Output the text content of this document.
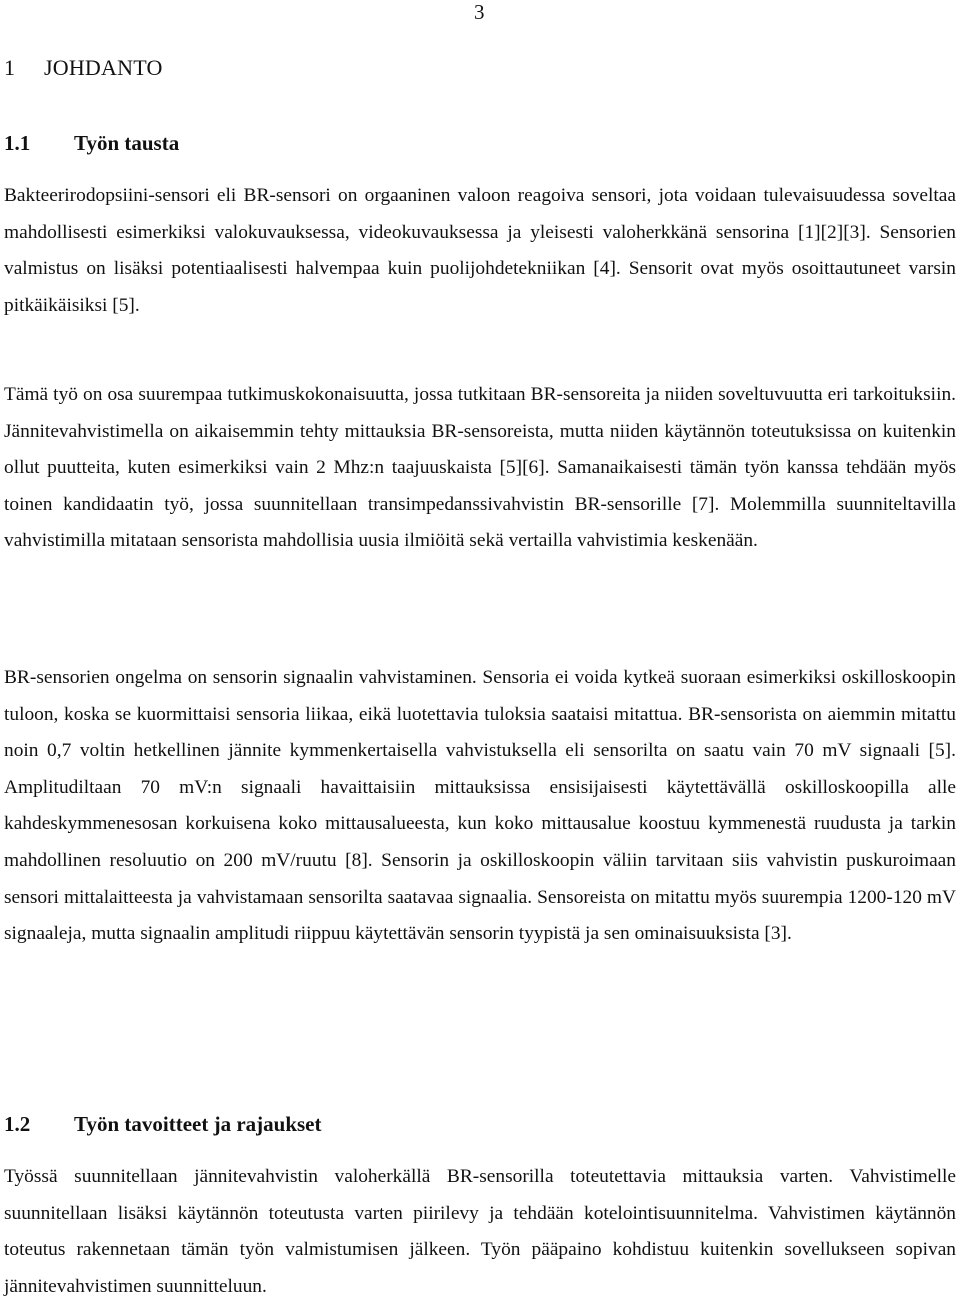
3
1 JOHDANTO
1.1 Työn tausta

Bakteerirodopsiini-sensori eli BR-sensori on orgaaninen valoon reagoiva sensori, jota voidaan tulevaisuudessa soveltaa mahdollisesti esimerkiksi valokuvauksessa, videokuvauksessa ja yleisesti valoherkkänä sensorina [1][2][3]. Sensorien valmistus on lisäksi potentiaalisesti halvempaa kuin puolijohdetekniikan [4]. Sensorit ovat myös osoittautuneet varsin pitkäikäisiksi [5].

Tämä työ on osa suurempaa tutkimuskokonaisuutta, jossa tutkitaan BR-sensoreita ja niiden soveltuvuutta eri tarkoituksiin. Jännitevahvistimella on aikaisemmin tehty mittauksia BR-sensoreista, mutta niiden käytännön toteutuksissa on kuitenkin ollut puutteita, kuten esimerkiksi vain 2 Mhz:n taajuuskaista [5][6]. Samanaikaisesti tämän työn kanssa tehdään myös toinen kandidaatin työ, jossa suunnitellaan transimpedanssivahvistin BR-sensorille [7]. Molemmilla suunniteltavilla vahvistimilla mitataan sensorista mahdollisia uusia ilmiöitä sekä vertailla vahvistimia keskenään.

BR-sensorien ongelma on sensorin signaalin vahvistaminen. Sensoria ei voida kytkeä suoraan esimerkiksi oskilloskoopin tuloon, koska se kuormittaisi sensoria liikaa, eikä luotettavia tuloksia saataisi mitattua. BR-sensorista on aiemmin mitattu noin 0,7 voltin hetkellinen jännite kymmenkertaisella vahvistuksella eli sensorilta on saatu vain 70 mV signaali [5]. Amplitudiltaan 70 mV:n signaali havaittaisiin mittauksissa ensisijaisesti käytettävällä oskilloskoopilla alle kahdeskymmenesosan korkuisena koko mittausalueesta, kun koko mittausalue koostuu kymmenestä ruudusta ja tarkin mahdollinen resoluutio on 200 mV/ruutu [8]. Sensorin ja oskilloskoopin väliin tarvitaan siis vahvistin puskuroimaan sensori mittalaitteesta ja vahvistamaan sensorilta saatavaa signaalia. Sensoreista on mitattu myös suurempia 1200-120 mV signaaleja, mutta signaalin amplitudi riippuu käytettävän sensorin tyypistä ja sen ominaisuuksista [3].

1.2 Työn tavoitteet ja rajaukset

Työssä suunnitellaan jännitevahvistin valoherkällä BR-sensorilla toteutettavia mittauksia varten. Vahvistimelle suunnitellaan lisäksi käytännön toteutusta varten piirilevy ja tehdään kotelointisuunnitelma. Vahvistimen käytännön toteutus rakennetaan tämän työn valmistumisen jälkeen. Työn pääpaino kohdistuu kuitenkin sovellukseen sopivan jännitevahvistimen suunnitteluun.
